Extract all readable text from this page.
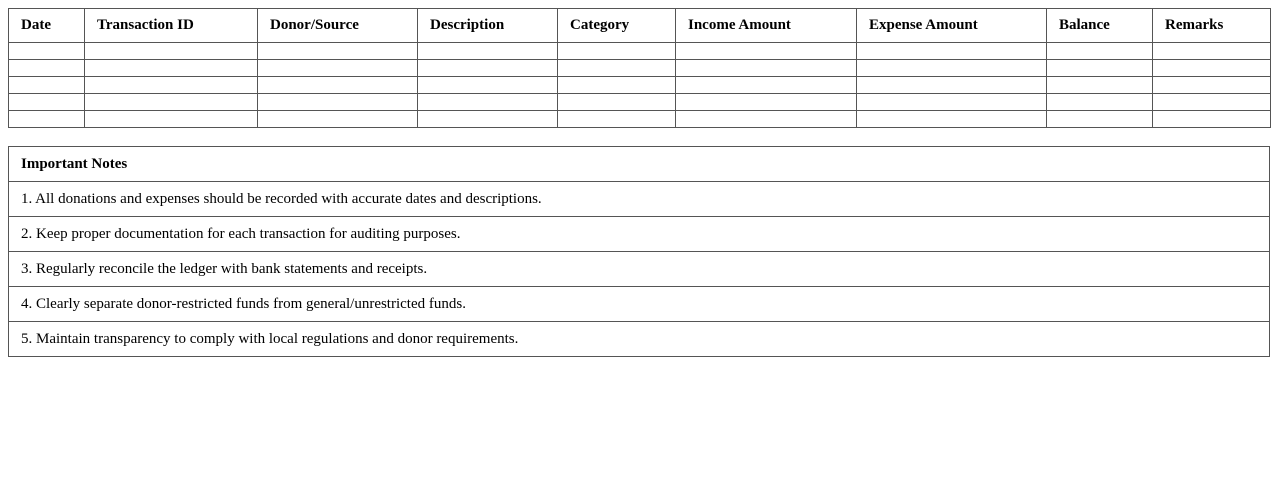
Date	Transaction ID	Donor/Source	Description	Category	Income Amount	Expense Amount	Balance	Remarks

Important Notes
1. All donations and expenses should be recorded with accurate dates and descriptions.
2. Keep proper documentation for each transaction for auditing purposes.
3. Regularly reconcile the ledger with bank statements and receipts.
4. Clearly separate donor-restricted funds from general/unrestricted funds.
5. Maintain transparency to comply with local regulations and donor requirements.
